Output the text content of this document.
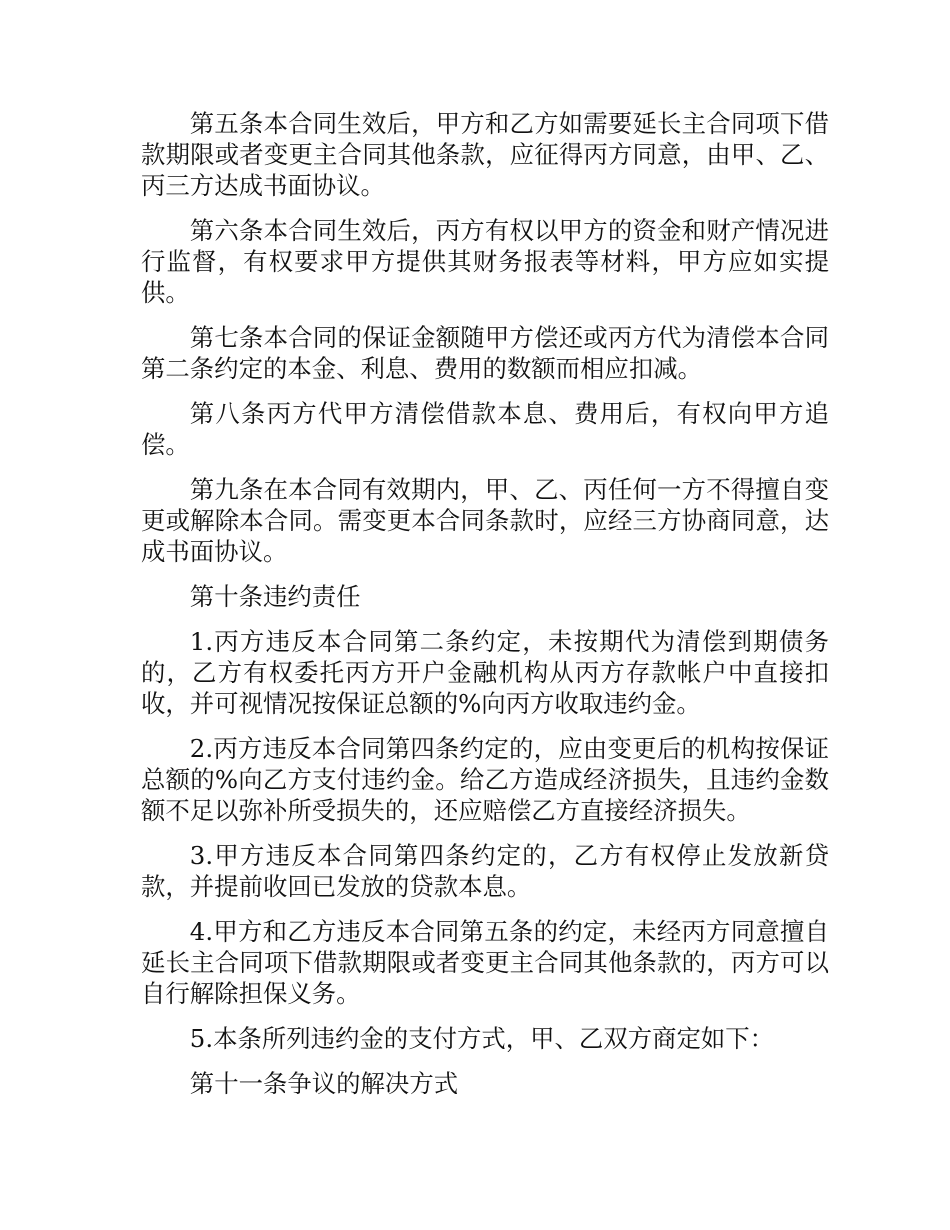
第五条本合同生效后，甲方和乙方如需要延长主合同项下借款期限或者变更主合同其他条款，应征得丙方同意，由甲、乙、丙三方达成书面协议。

第六条本合同生效后，丙方有权以甲方的资金和财产情况进行监督，有权要求甲方提供其财务报表等材料，甲方应如实提供。

第七条本合同的保证金额随甲方偿还或丙方代为清偿本合同第二条约定的本金、利息、费用的数额而相应扣减。

第八条丙方代甲方清偿借款本息、费用后，有权向甲方追偿。

第九条在本合同有效期内，甲、乙、丙任何一方不得擅自变更或解除本合同。需变更本合同条款时，应经三方协商同意，达成书面协议。

第十条违约责任

1.丙方违反本合同第二条约定，未按期代为清偿到期债务的，乙方有权委托丙方开户金融机构从丙方存款帐户中直接扣收，并可视情况按保证总额的%向丙方收取违约金。

2.丙方违反本合同第四条约定的，应由变更后的机构按保证总额的%向乙方支付违约金。给乙方造成经济损失，且违约金数额不足以弥补所受损失的，还应赔偿乙方直接经济损失。

3.甲方违反本合同第四条约定的，乙方有权停止发放新贷款，并提前收回已发放的贷款本息。

4.甲方和乙方违反本合同第五条的约定，未经丙方同意擅自延长主合同项下借款期限或者变更主合同其他条款的，丙方可以自行解除担保义务。

5.本条所列违约金的支付方式，甲、乙双方商定如下：

第十一条争议的解决方式
